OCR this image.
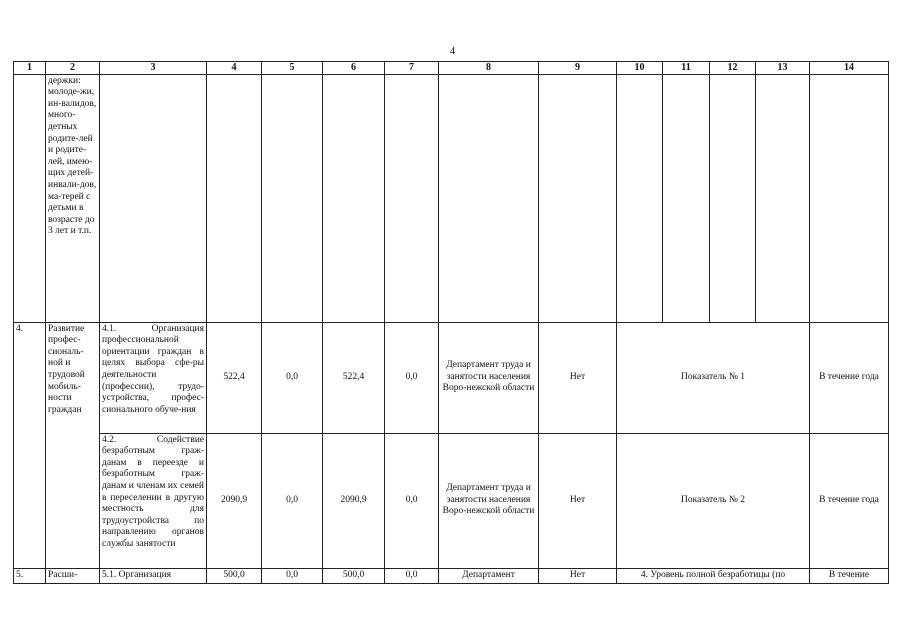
4
1	2	3	4	5	6	7	8	9	10	11	12	13	14
	держки: молоде-жи, ин-валидов, много-детных родите-лей и родите-лей, имею-щих детей-инвали-дов, ма-терей с детьми в возрасте до 3 лет и т.п.												
4.	Развитие профес-сиональ-ной и трудовой мобиль-ности граждан	4.1. Организация профессиональной ориентации граждан в целях выбора сфе-ры деятельности (профессии), трудо-устройства, профес-сионального обуче-ния	522,4	0,0	522,4	0,0	Департамент труда и занятости населения Воро-нежской области	Нет	Показатель № 1				В течение года
		4.2. Содействие безработным граж-данам в переезде и безработным граж-данам и членам их семей в переселении в другую местность для трудоустройства по направлению органов службы занятости	2090,9	0,0	2090,9	0,0	Департамент труда и занятости населения Воро-нежской области	Нет	Показатель № 2				В течение года
5.	Расши-	5.1. Организация	500,0	0,0	500,0	0,0	Департамент	Нет	4. Уровень полной безработицы (по				В течение
